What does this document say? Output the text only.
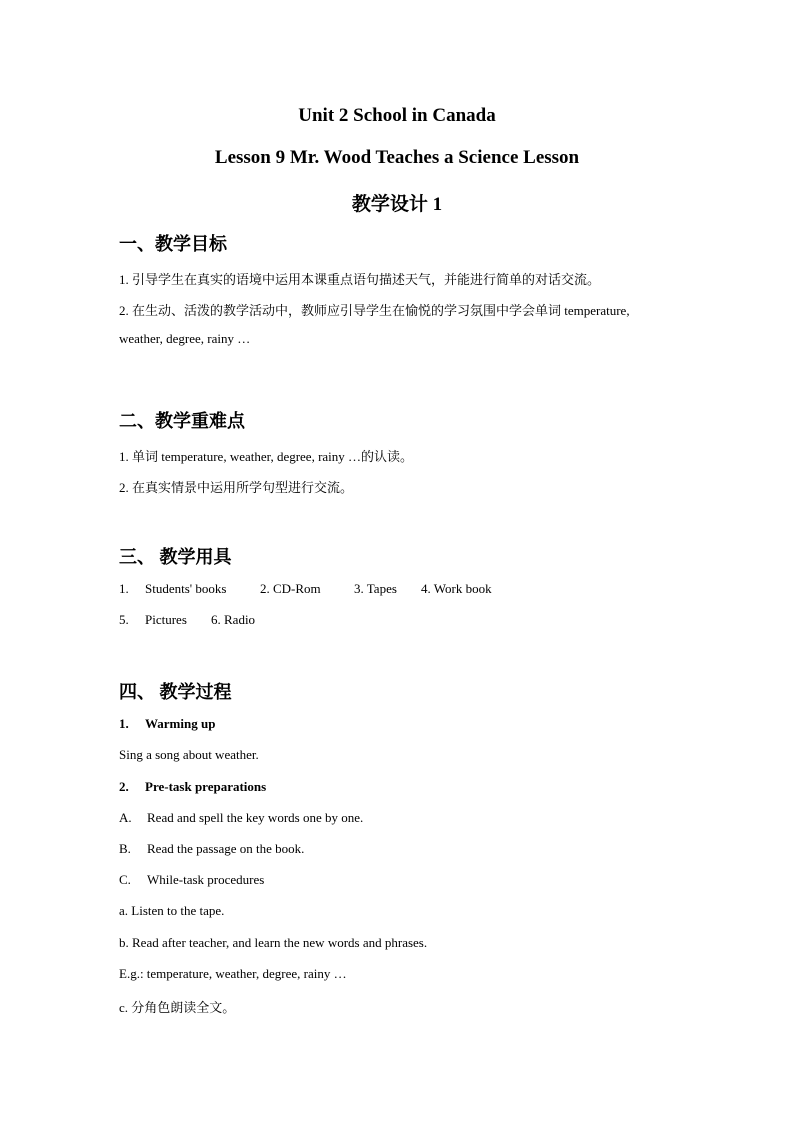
Unit 2 School in Canada
Lesson 9 Mr. Wood Teaches a Science Lesson
教学设计 1
一、教学目标
1. 引导学生在真实的语境中运用本课重点语句描述天气，并能进行简单的对话交流。
2. 在生动、活泼的教学活动中，教师应引导学生在愉悦的学习氛围中学会单词 temperature,
weather, degree, rainy …
二、教学重难点
1. 单词 temperature, weather, degree, rainy …的认读。
2. 在真实情景中运用所学句型进行交流。
三、 教学用具
1. Students' books	2. CD-Rom	3. Tapes 4. Work book
5. Pictures 6. Radio
四、 教学过程
1. Warming up
Sing a song about weather.
2. Pre-task preparations
A. Read and spell the key words one by one.
B. Read the passage on the book.
C. While-task procedures
a. Listen to the tape.
b. Read after teacher, and learn the new words and phrases.
E.g.: temperature, weather, degree, rainy …
c. 分角色朗读全文。
